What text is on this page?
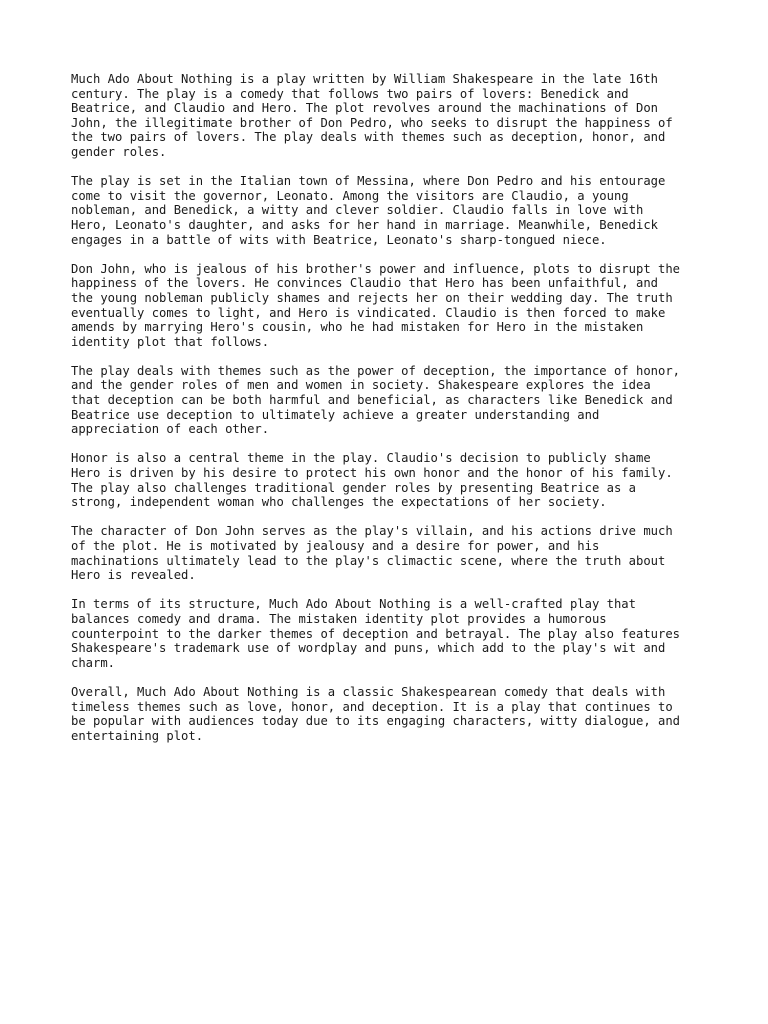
Much Ado About Nothing is a play written by William Shakespeare in the late 16th
century. The play is a comedy that follows two pairs of lovers: Benedick and
Beatrice, and Claudio and Hero. The plot revolves around the machinations of Don
John, the illegitimate brother of Don Pedro, who seeks to disrupt the happiness of
the two pairs of lovers. The play deals with themes such as deception, honor, and
gender roles.

The play is set in the Italian town of Messina, where Don Pedro and his entourage
come to visit the governor, Leonato. Among the visitors are Claudio, a young
nobleman, and Benedick, a witty and clever soldier. Claudio falls in love with
Hero, Leonato's daughter, and asks for her hand in marriage. Meanwhile, Benedick
engages in a battle of wits with Beatrice, Leonato's sharp-tongued niece.

Don John, who is jealous of his brother's power and influence, plots to disrupt the
happiness of the lovers. He convinces Claudio that Hero has been unfaithful, and
the young nobleman publicly shames and rejects her on their wedding day. The truth
eventually comes to light, and Hero is vindicated. Claudio is then forced to make
amends by marrying Hero's cousin, who he had mistaken for Hero in the mistaken
identity plot that follows.

The play deals with themes such as the power of deception, the importance of honor,
and the gender roles of men and women in society. Shakespeare explores the idea
that deception can be both harmful and beneficial, as characters like Benedick and
Beatrice use deception to ultimately achieve a greater understanding and
appreciation of each other.

Honor is also a central theme in the play. Claudio's decision to publicly shame
Hero is driven by his desire to protect his own honor and the honor of his family.
The play also challenges traditional gender roles by presenting Beatrice as a
strong, independent woman who challenges the expectations of her society.

The character of Don John serves as the play's villain, and his actions drive much
of the plot. He is motivated by jealousy and a desire for power, and his
machinations ultimately lead to the play's climactic scene, where the truth about
Hero is revealed.

In terms of its structure, Much Ado About Nothing is a well-crafted play that
balances comedy and drama. The mistaken identity plot provides a humorous
counterpoint to the darker themes of deception and betrayal. The play also features
Shakespeare's trademark use of wordplay and puns, which add to the play's wit and
charm.

Overall, Much Ado About Nothing is a classic Shakespearean comedy that deals with
timeless themes such as love, honor, and deception. It is a play that continues to
be popular with audiences today due to its engaging characters, witty dialogue, and
entertaining plot.
